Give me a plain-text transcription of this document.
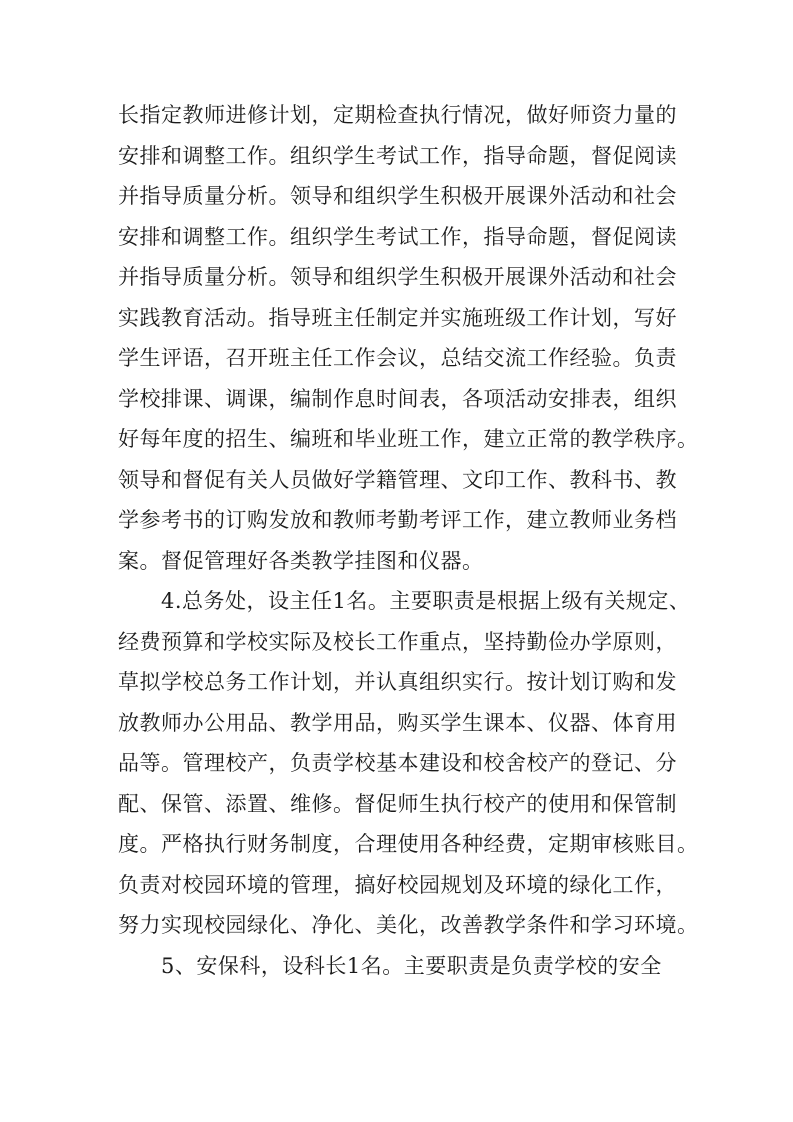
长指定教师进修计划，定期检查执行情况，做好师资力量的
安排和调整工作。组织学生考试工作，指导命题，督促阅读
并指导质量分析。领导和组织学生积极开展课外活动和社会
安排和调整工作。组织学生考试工作，指导命题，督促阅读
并指导质量分析。领导和组织学生积极开展课外活动和社会
实践教育活动。指导班主任制定并实施班级工作计划，写好
学生评语，召开班主任工作会议，总结交流工作经验。负责
学校排课、调课，编制作息时间表，各项活动安排表，组织
好每年度的招生、编班和毕业班工作，建立正常的教学秩序。
领导和督促有关人员做好学籍管理、文印工作、教科书、教
学参考书的订购发放和教师考勤考评工作，建立教师业务档
案。督促管理好各类教学挂图和仪器。
4.总务处，设主任1名。主要职责是根据上级有关规定、
经费预算和学校实际及校长工作重点，坚持勤俭办学原则，
草拟学校总务工作计划，并认真组织实行。按计划订购和发
放教师办公用品、教学用品，购买学生课本、仪器、体育用
品等。管理校产，负责学校基本建设和校舍校产的登记、分
配、保管、添置、维修。督促师生执行校产的使用和保管制
度。严格执行财务制度，合理使用各种经费，定期审核账目。
负责对校园环境的管理，搞好校园规划及环境的绿化工作，
努力实现校园绿化、净化、美化，改善教学条件和学习环境。
5、安保科，设科长1名。主要职责是负责学校的安全
